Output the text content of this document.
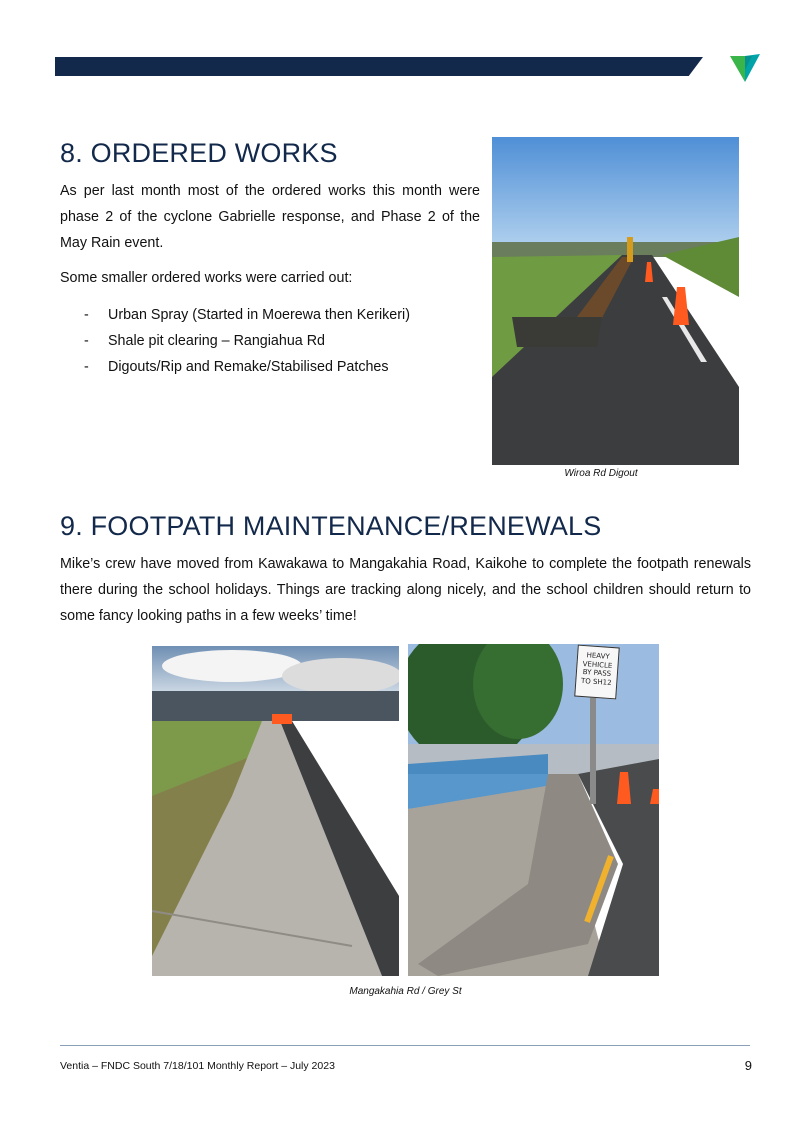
8. ORDERED WORKS

As per last month most of the ordered works this month were phase 2 of the cyclone Gabrielle response, and Phase 2 of the May Rain event.

Some smaller ordered works were carried out:

- Urban Spray (Started in Moerewa then Kerikeri)
- Shale pit clearing – Rangiahua Rd
- Digouts/Rip and Remake/Stabilised Patches
Wiroa Rd Digout
9. FOOTPATH MAINTENANCE/RENEWALS

Mike’s crew have moved from Kawakawa to Mangakahia Road, Kaikohe to complete the footpath renewals there during the school holidays. Things are tracking along nicely, and the school children should return to some fancy looking paths in a few weeks’ time!

HEAVY
VEHICLE
BY PASS
TO SH12
Mangakahia Rd / Grey St
Ventia – FNDC South 7/18/101 Monthly Report – July 2023	9
